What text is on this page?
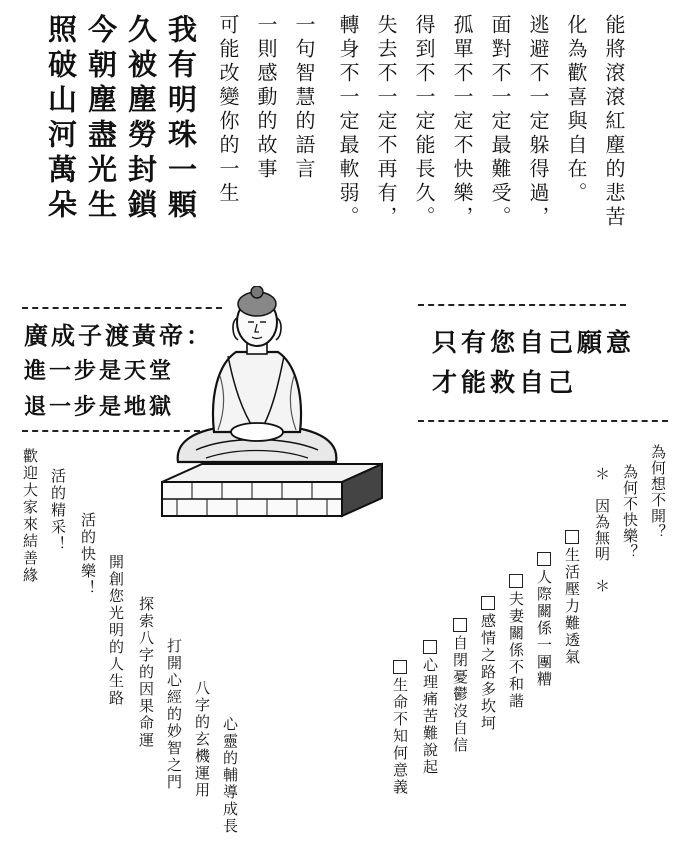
能將滾滾紅塵的悲苦
化為歡喜與自在。
逃避不一定躲得過，
面對不一定最難受。
孤單不一定不快樂，
得到不一定能長久。
失去不一定不再有，
轉身不一定最軟弱。
一句智慧的語言
一則感動的故事
可能改變你的一生
我有明珠一顆
久被塵勞封鎖
今朝塵盡光生
照破山河萬朵
廣成子渡黃帝：
進一步是天堂
退一步是地獄
只有您自己願意
才能救自己
為何想不開？
為何不快樂？
＊　因為無明　＊
生活壓力難透氣
人際關係一團糟
夫妻關係不和諧
感情之路多坎坷
自閉憂鬱沒自信
心理痛苦難說起
生命不知何意義
歡迎大家來結善緣 活的精采！
活的快樂！ 開創您光明的人生路 探索八字的因果命運 打開心經的妙智之門 八字的玄機運用 心靈的輔導成長
